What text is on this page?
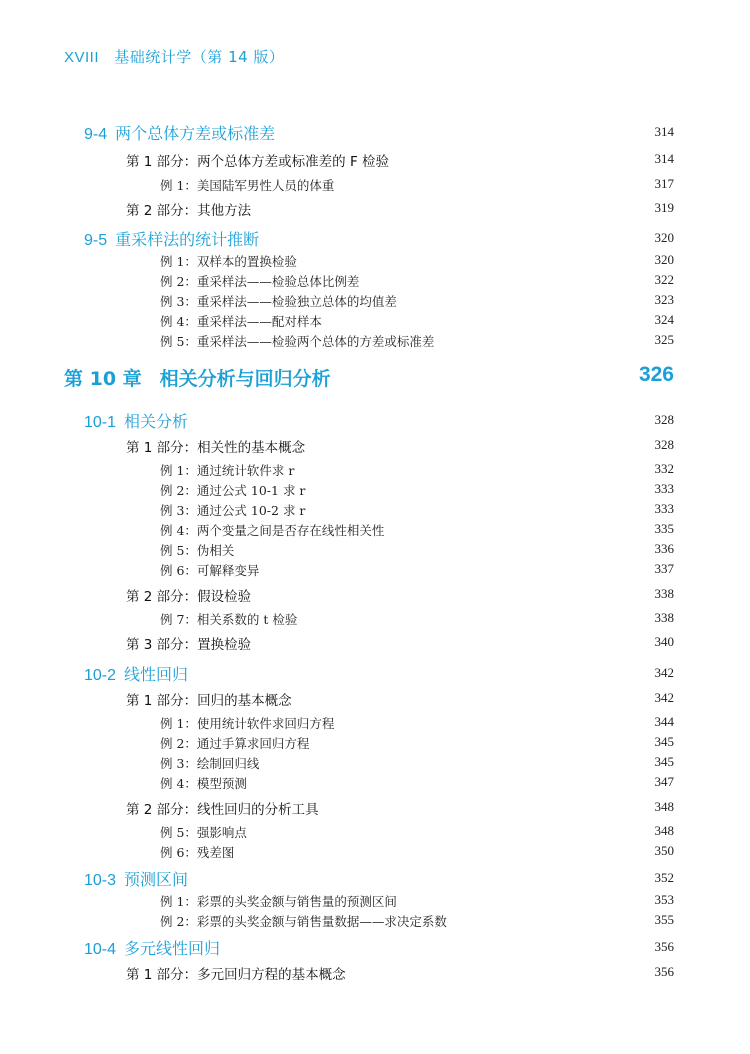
XVIII 基础统计学（第 14 版）
9-4 两个总体方差或标准差	314
第 1 部分：两个总体方差或标准差的 F 检验	314
例 1：美国陆军男性人员的体重	317
第 2 部分：其他方法	319
9-5 重采样法的统计推断	320
例 1：双样本的置换检验	320
例 2：重采样法——检验总体比例差	322
例 3：重采样法——检验独立总体的均值差	323
例 4：重采样法——配对样本	324
例 5：重采样法——检验两个总体的方差或标准差	325
第 10 章 相关分析与回归分析	326
10-1 相关分析	328
第 1 部分：相关性的基本概念	328
例 1：通过统计软件求 r	332
例 2：通过公式 10-1 求 r	333
例 3：通过公式 10-2 求 r	333
例 4：两个变量之间是否存在线性相关性	335
例 5：伪相关	336
例 6：可解释变异	337
第 2 部分：假设检验	338
例 7：相关系数的 t 检验	338
第 3 部分：置换检验	340
10-2 线性回归	342
第 1 部分：回归的基本概念	342
例 1：使用统计软件求回归方程	344
例 2：通过手算求回归方程	345
例 3：绘制回归线	345
例 4：模型预测	347
第 2 部分：线性回归的分析工具	348
例 5：强影响点	348
例 6：残差图	350
10-3 预测区间	352
例 1：彩票的头奖金额与销售量的预测区间	353
例 2：彩票的头奖金额与销售量数据——求决定系数	355
10-4 多元线性回归	356
第 1 部分：多元回归方程的基本概念	356
